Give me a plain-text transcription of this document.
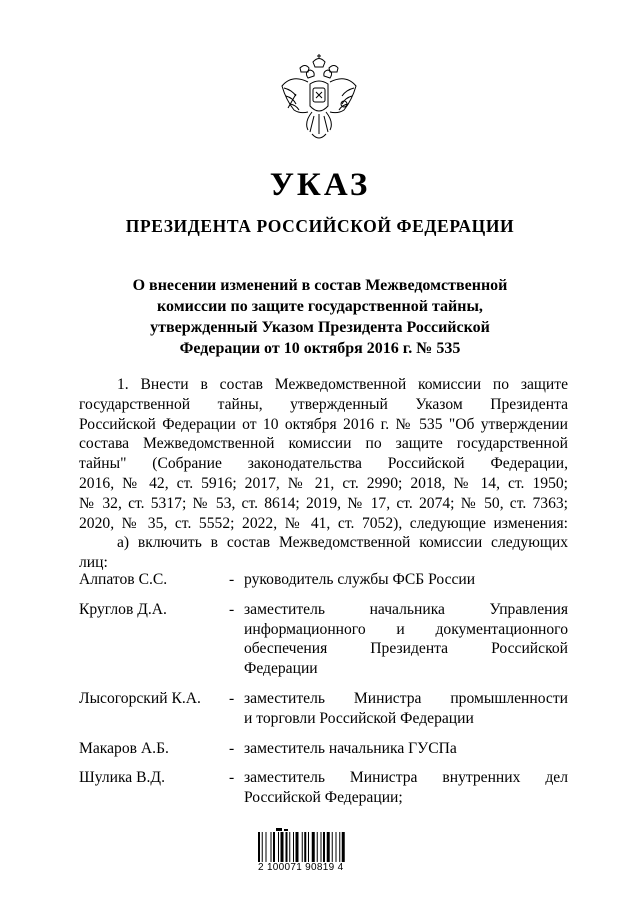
УКАЗ
ПРЕЗИДЕНТА РОССИЙСКОЙ ФЕДЕРАЦИИ
О внесении изменений в состав Межведомственной
комиссии по защите государственной тайны,
утвержденный Указом Президента Российской
Федерации от 10 октября 2016 г. № 535
1. Внести в состав Межведомственной комиссии по защите
государственной тайны, утвержденный Указом Президента
Российской Федерации от 10 октября 2016 г. № 535 "Об утверждении
состава Межведомственной комиссии по защите государственной
тайны" (Собрание законодательства Российской Федерации,
2016, № 42, ст. 5916; 2017, № 21, ст. 2990; 2018, № 14, ст. 1950;
№ 32, ст. 5317; № 53, ст. 8614; 2019, № 17, ст. 2074; № 50, ст. 7363;
2020, № 35, ст. 5552; 2022, № 41, ст. 7052), следующие изменения:
а) включить в состав Межведомственной комиссии следующих
лиц:
Алпатов С.С.	- руководитель службы ФСБ России
Круглов Д.А.	- заместитель начальника Управления
информационного и документационного
обеспечения Президента Российской
Федерации
Лысогорский К.А. - заместитель Министра промышленности
и торговли Российской Федерации
Макаров А.Б.	- заместитель начальника ГУСПа
Шулика В.Д.	- заместитель Министра внутренних дел
Российской Федерации;
2 100071 90819 4
